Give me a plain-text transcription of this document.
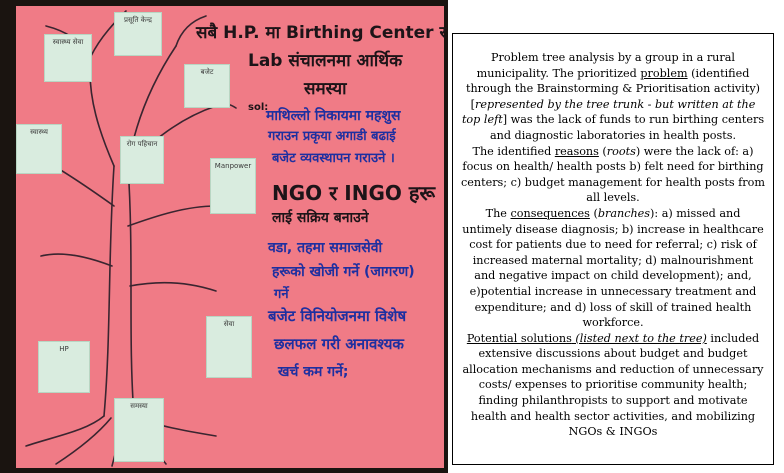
स्वास्थ्य सेवा
प्रसूति केन्द्र
बजेट
स्वास्थ्य
रोग पहिचान
Manpower
HP
सेवा
समस्या
सबै H.P. मा Birthing Center र
Lab संचालनमा आर्थिक
समस्या
sol:
माथिल्लो निकायमा महशुस
गराउन प्रकृया अगाडी बढाई
बजेट व्यवस्थापन गराउने ।
NGO र INGO हरू
लाई सक्रिय बनाउने
वडा, तहमा समाजसेवी
हरूको खोजी गर्ने (जागरण)
गर्ने
बजेट विनियोजनमा विशेष
छलफल गरी अनावश्यक
खर्च कम गर्ने;

Problem tree analysis by a group in a rural municipality. The prioritized problem (identified through the Brainstorming & Prioritisation activity) [represented by the tree trunk - but written at the top left] was the lack of funds to run birthing centers and diagnostic laboratories in health posts.

The identified reasons (roots) were the lack of: a) focus on health/ health posts b) felt need for birthing centers; c) budget management for health posts from all levels.

The consequences (branches): a) missed and untimely disease diagnosis; b) increase in healthcare cost for patients due to need for referral; c) risk of increased maternal mortality; d) malnourishment and negative impact on child development); and, e)potential increase in unnecessary treatment and expenditure; and d) loss of skill of trained health workforce.

Potential solutions (listed next to the tree) included extensive discussions about budget and budget allocation mechanisms and reduction of unnecessary costs/ expenses to prioritise community health; finding philanthropists to support and motivate health and health sector activities, and mobilizing NGOs & INGOs
